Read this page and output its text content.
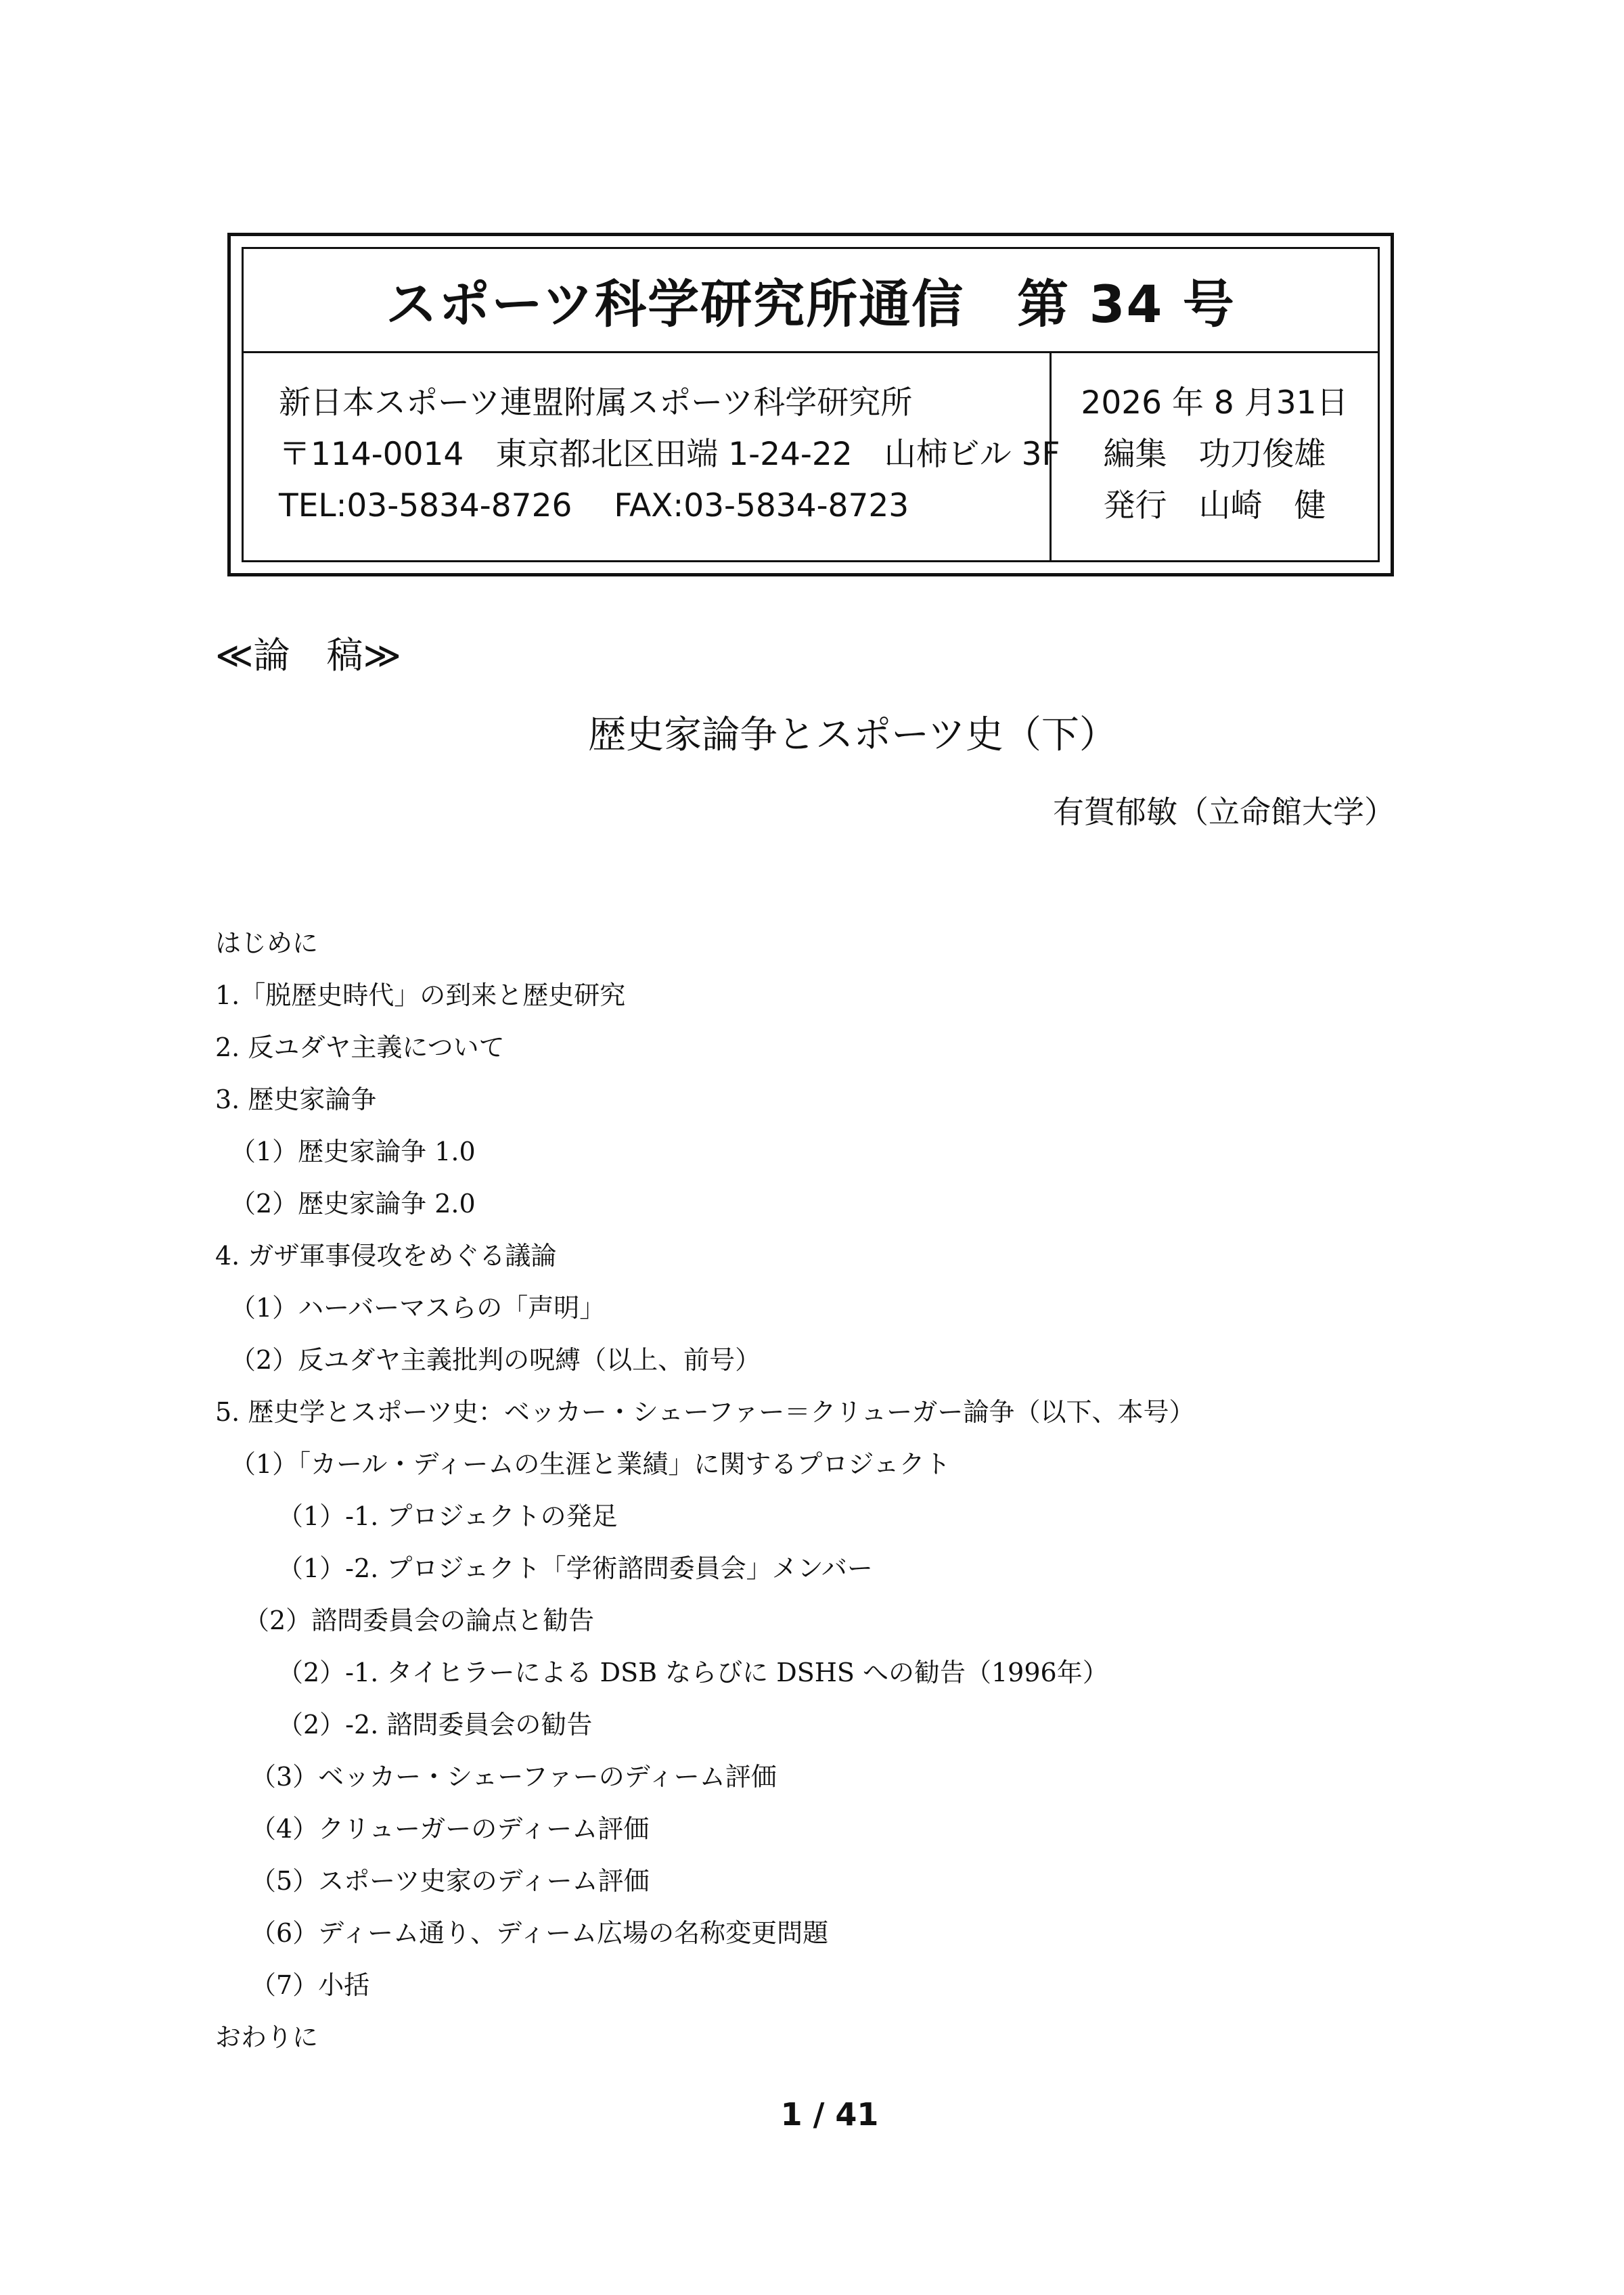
スポーツ科学研究所通信　第 34 号
新日本スポーツ連盟附属スポーツ科学研究所
〒114-0014　東京都北区田端 1-24-22　山柿ビル 3F
TEL:03-5834-8726　 FAX:03-5834-8723
2026 年 8 月31日
編集　功刀俊雄
発行　山崎　健
≪論　稿≫
歴史家論争とスポーツ史（下）
有賀郁敏（立命館大学）
はじめに
1.「脱歴史時代」の到来と歴史研究
2. 反ユダヤ主義について
3. 歴史家論争
（1）歴史家論争 1.0
（2）歴史家論争 2.0
4. ガザ軍事侵攻をめぐる議論
（1）ハーバーマスらの「声明」
（2）反ユダヤ主義批判の呪縛（以上、前号）
5. 歴史学とスポーツ史：ベッカー・シェーファー＝クリューガー論争（以下、本号）
（1）「カール・ディームの生涯と業績」に関するプロジェクト
（1）-1. プロジェクトの発足
（1）-2. プロジェクト「学術諮問委員会」メンバー
（2）諮問委員会の論点と勧告
（2）-1. タイヒラーによる DSB ならびに DSHS への勧告（1996年）
（2）-2. 諮問委員会の勧告
（3）ベッカー・シェーファーのディーム評価
（4）クリューガーのディーム評価
（5）スポーツ史家のディーム評価
（6）ディーム通り、ディーム広場の名称変更問題
（7）小括
おわりに
1 / 41
